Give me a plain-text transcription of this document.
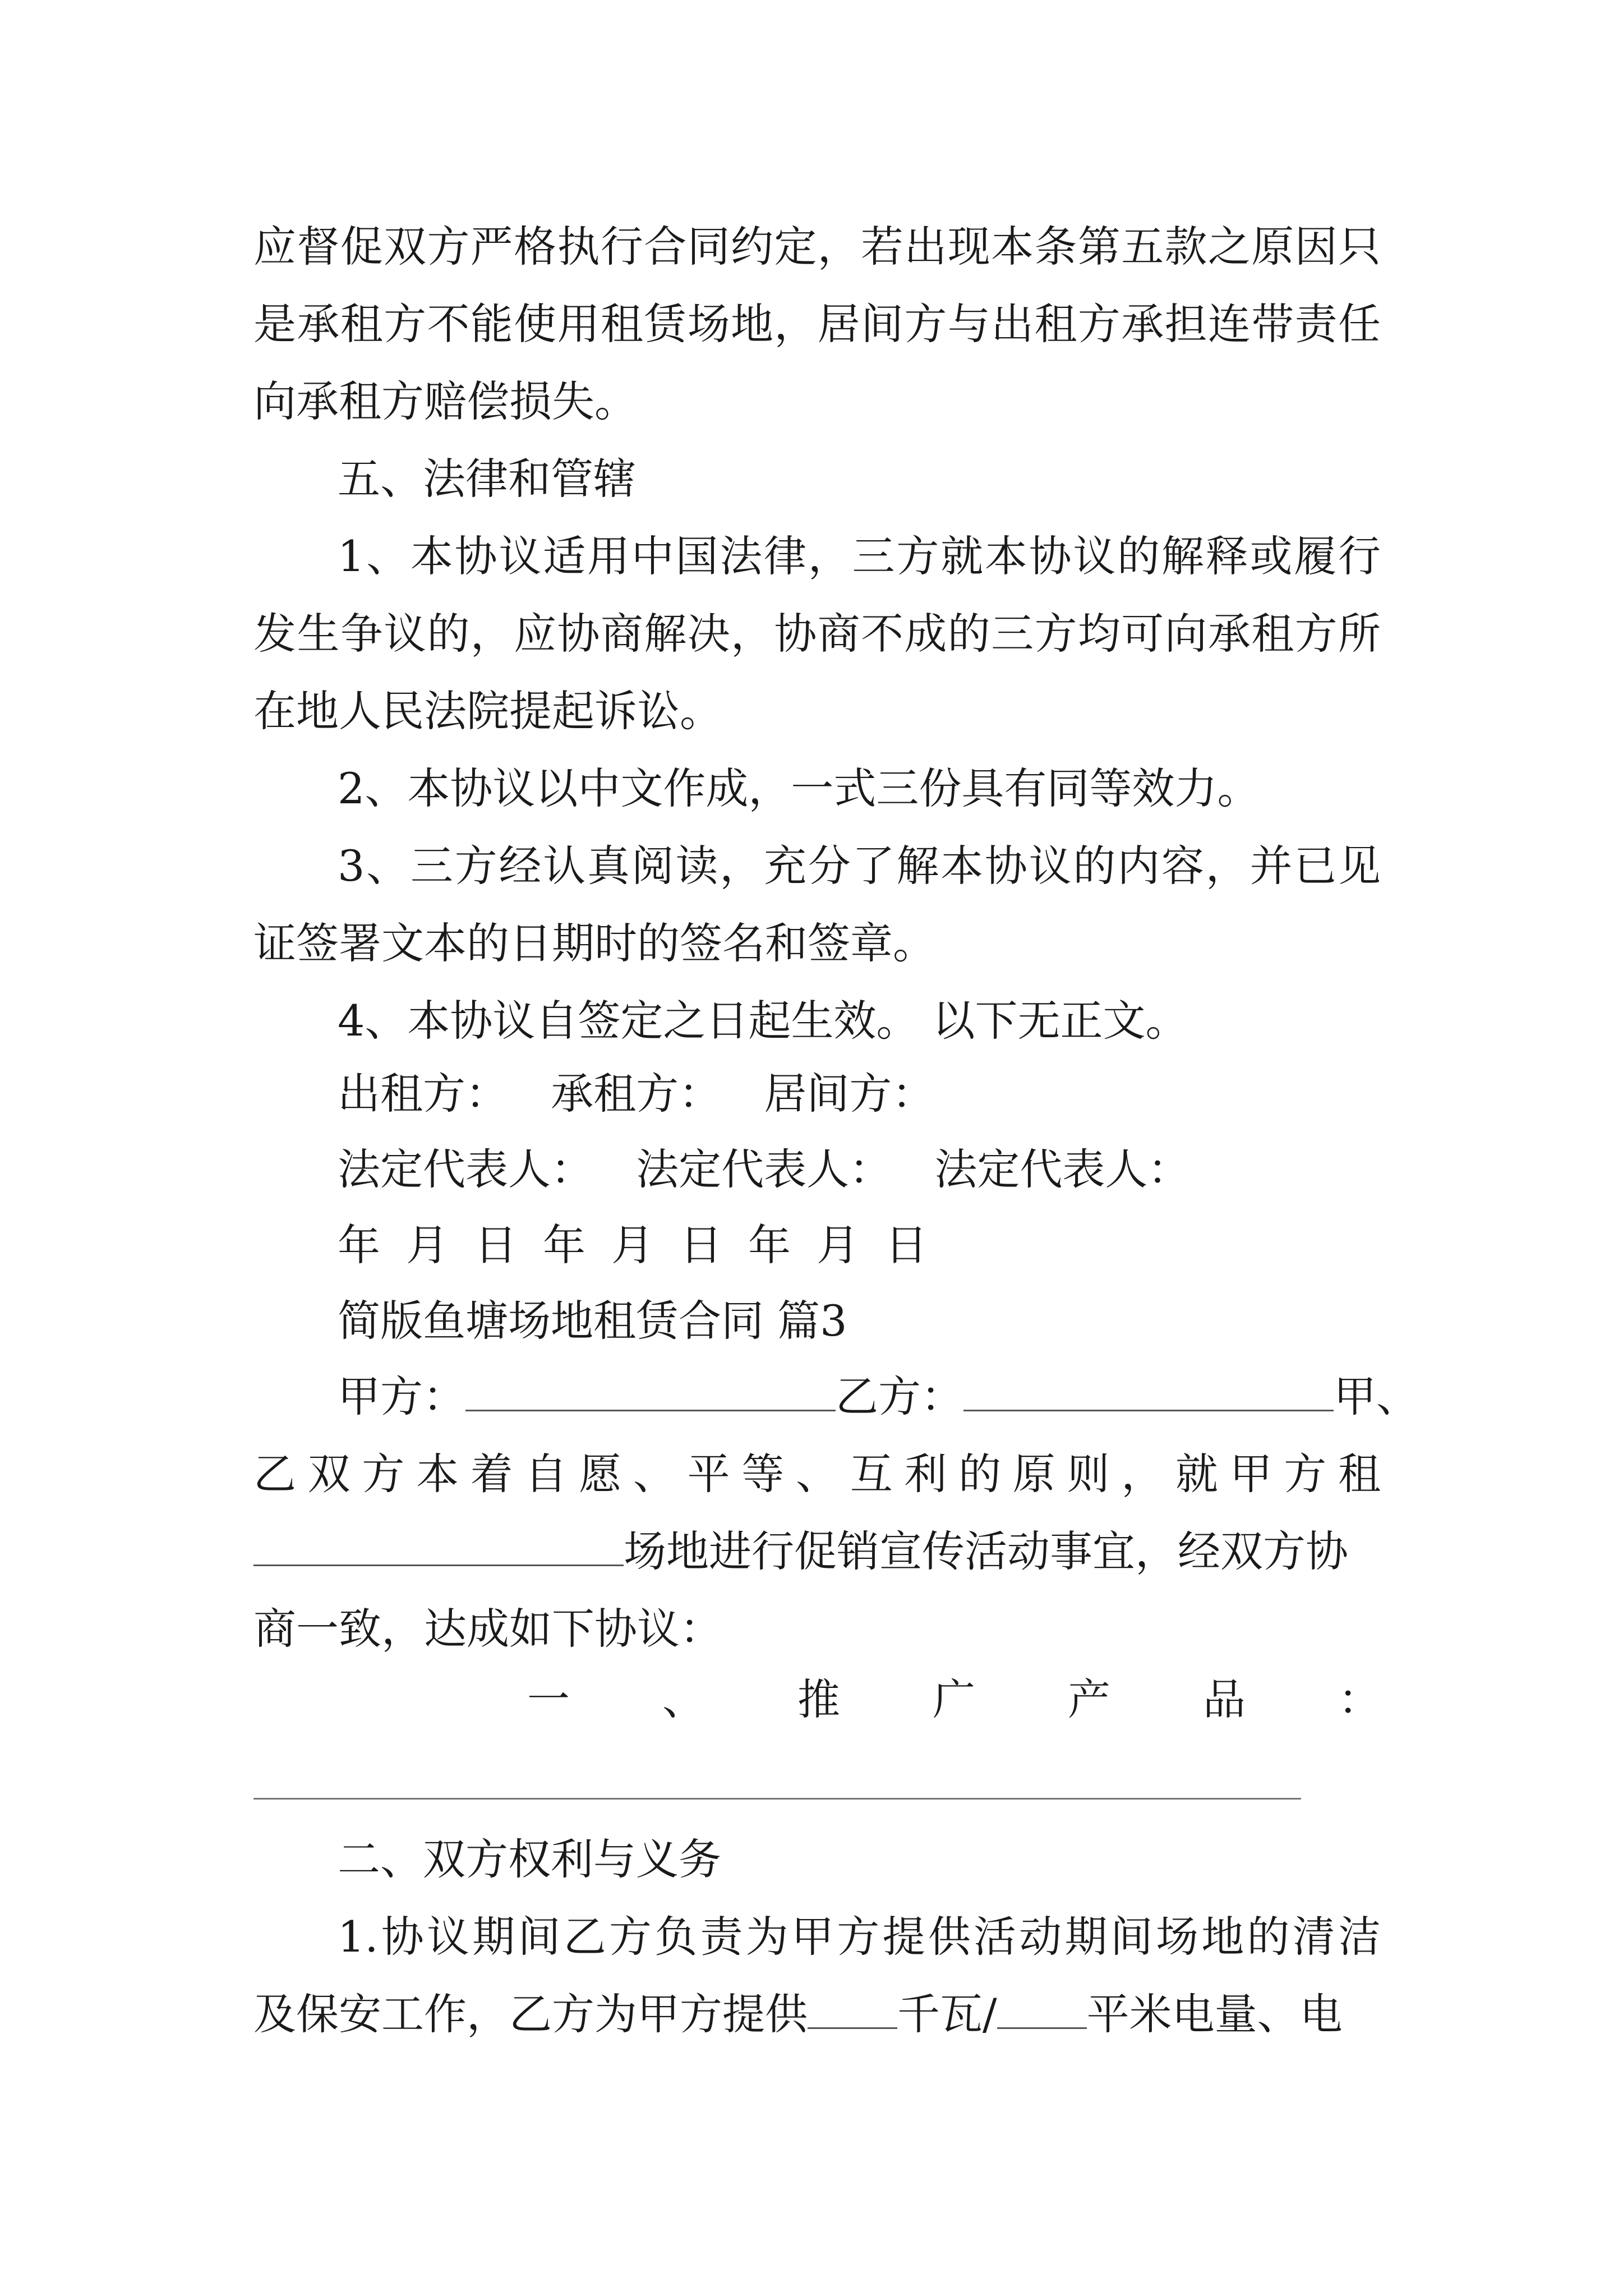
应督促双方严格执行合同约定，若出现本条第五款之原因只
是承租方不能使用租赁场地，居间方与出租方承担连带责任
向承租方赔偿损失。
五、法律和管辖
1、本协议适用中国法律，三方就本协议的解释或履行
发生争议的，应协商解决，协商不成的三方均可向承租方所
在地人民法院提起诉讼。
2、本协议以中文作成，一式三份具有同等效力。
3、三方经认真阅读，充分了解本协议的内容，并已见
证签署文本的日期时的签名和签章。
4、本协议自签定之日起生效。 以下无正文。
出租方： 承租方： 居间方：
法定代表人： 法定代表人： 法定代表人：
年 月 日 年 月 日 年 月 日
简版鱼塘场地租赁合同 篇3
甲方：	乙方：	甲、
乙双方本着自愿、平等、互利的原则，就甲方租
场地进行促销宣传活动事宜，经双方协
商一致，达成如下协议：
一 、 推 广 产 品 ：
二、双方权利与义务
1.协议期间乙方负责为甲方提供活动期间场地的清洁
及保安工作，乙方为甲方提供 千瓦/ 平米电量、电
